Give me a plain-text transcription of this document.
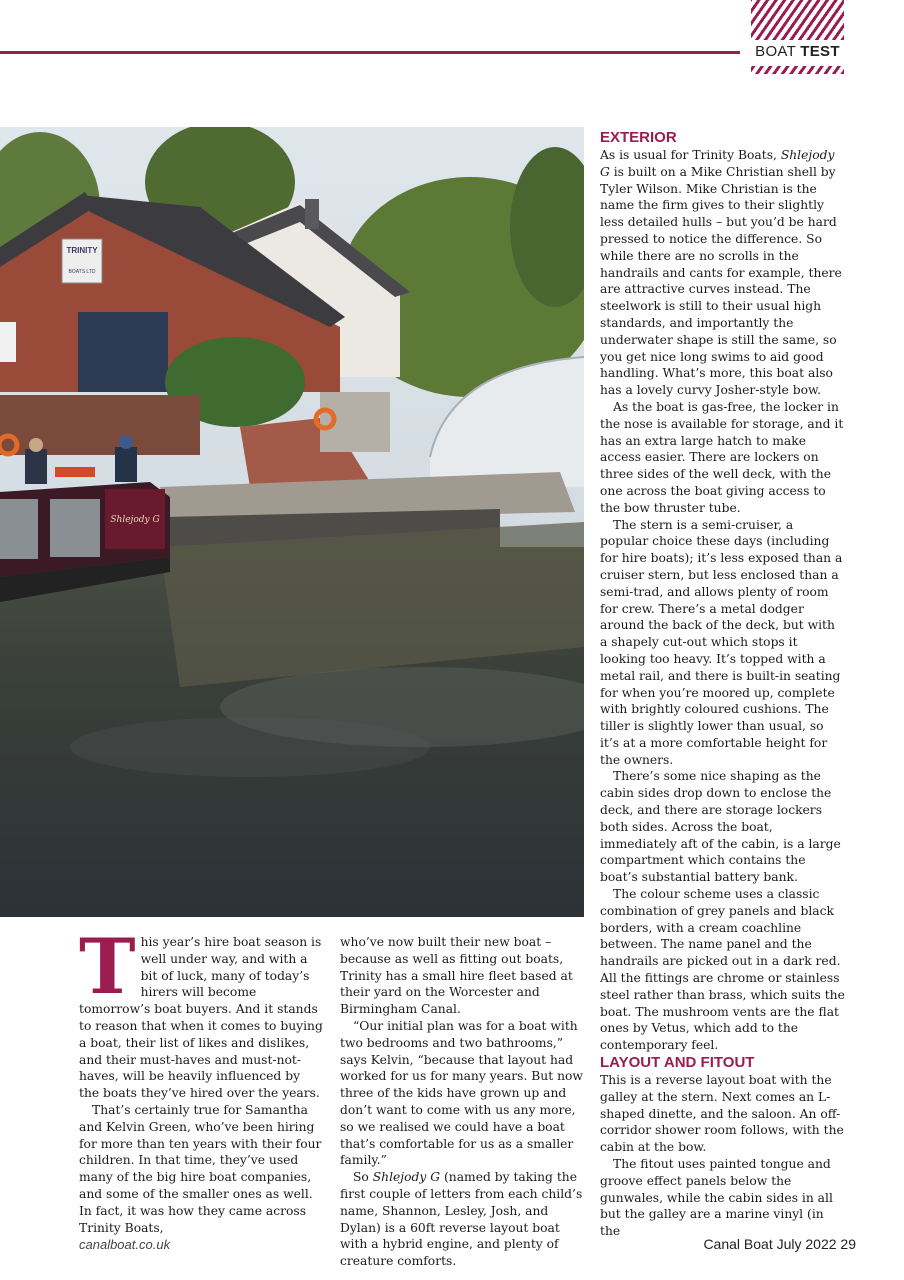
BOAT TEST
TRINITY
BOATS LTD
Shlejody G

This year’s hire boat season is well under way, and with a bit of luck, many of today’s hirers will become tomorrow’s boat buyers. And it stands to reason that when it comes to buying a boat, their list of likes and dislikes, and their must-haves and must-not-haves, will be heavily influenced by the boats they’ve hired over the years.

That’s certainly true for Samantha and Kelvin Green, who’ve been hiring for more than ten years with their four children. In that time, they’ve used many of the big hire boat companies, and some of the smaller ones as well. In fact, it was how they came across Trinity Boats,

who’ve now built their new boat – because as well as fitting out boats, Trinity has a small hire fleet based at their yard on the Worcester and Birmingham Canal.

“Our initial plan was for a boat with two bedrooms and two bathrooms,” says Kelvin, “because that layout had worked for us for many years. But now three of the kids have grown up and don’t want to come with us any more, so we realised we could have a boat that’s comfortable for us as a smaller family.”

So Shlejody G (named by taking the first couple of letters from each child’s name, Shannon, Lesley, Josh, and Dylan) is a 60ft reverse layout boat with a hybrid engine, and plenty of creature comforts.

EXTERIOR

As is usual for Trinity Boats, Shlejody G is built on a Mike Christian shell by Tyler Wilson. Mike Christian is the name the firm gives to their slightly less detailed hulls – but you’d be hard pressed to notice the difference. So while there are no scrolls in the handrails and cants for example, there are attractive curves instead. The steelwork is still to their usual high standards, and importantly the underwater shape is still the same, so you get nice long swims to aid good handling. What’s more, this boat also has a lovely curvy Josher-style bow.

As the boat is gas-free, the locker in the nose is available for storage, and it has an extra large hatch to make access easier. There are lockers on three sides of the well deck, with the one across the boat giving access to the bow thruster tube.

The stern is a semi-cruiser, a popular choice these days (including for hire boats); it’s less exposed than a cruiser stern, but less enclosed than a semi-trad, and allows plenty of room for crew. There’s a metal dodger around the back of the deck, but with a shapely cut-out which stops it looking too heavy. It’s topped with a metal rail, and there is built-in seating for when you’re moored up, complete with brightly coloured cushions. The tiller is slightly lower than usual, so it’s at a more comfortable height for the owners.

There’s some nice shaping as the cabin sides drop down to enclose the deck, and there are storage lockers both sides. Across the boat, immediately aft of the cabin, is a large compartment which contains the boat’s substantial battery bank.

The colour scheme uses a classic combination of grey panels and black borders, with a cream coachline between. The name panel and the handrails are picked out in a dark red. All the fittings are chrome or stainless steel rather than brass, which suits the boat. The mushroom vents are the flat ones by Vetus, which add to the contemporary feel.

LAYOUT AND FITOUT

This is a reverse layout boat with the galley at the stern. Next comes an L-shaped dinette, and the saloon. An off-corridor shower room follows, with the cabin at the bow.

The fitout uses painted tongue and groove effect panels below the gunwales, while the cabin sides in all but the galley are a marine vinyl (in the

canalboat.co.uk	Canal Boat July 2022 29
